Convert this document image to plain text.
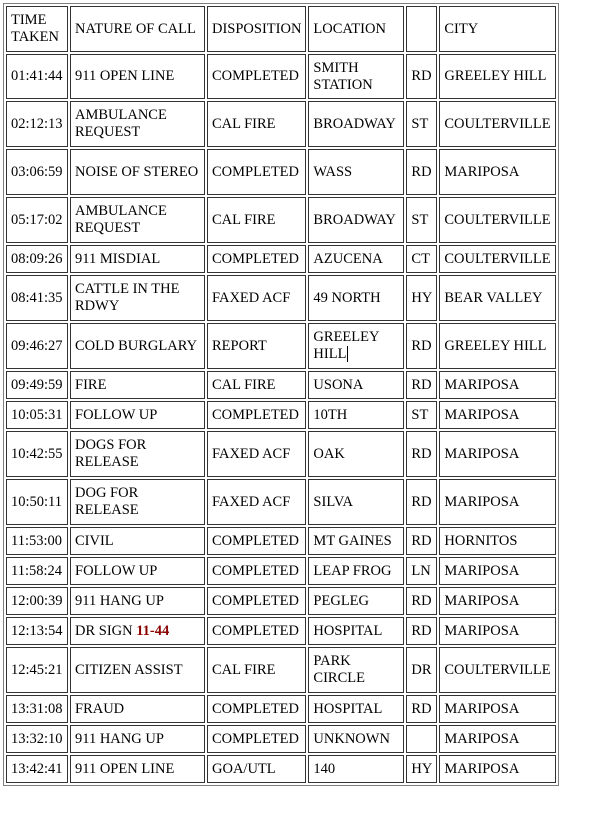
TIME TAKEN	NATURE OF CALL	DISPOSITION	LOCATION		CITY
01:41:44	911 OPEN LINE	COMPLETED	SMITH STATION	RD	GREELEY HILL
02:12:13	AMBULANCE REQUEST	CAL FIRE	BROADWAY	ST	COULTERVILLE
03:06:59	NOISE OF STEREO	COMPLETED	WASS	RD	MARIPOSA
05:17:02	AMBULANCE REQUEST	CAL FIRE	BROADWAY	ST	COULTERVILLE
08:09:26	911 MISDIAL	COMPLETED	AZUCENA	CT	COULTERVILLE
08:41:35	CATTLE IN THE RDWY	FAXED ACF	49 NORTH	HY	BEAR VALLEY
09:46:27	COLD BURGLARY	REPORT	GREELEY HILL	RD	GREELEY HILL
09:49:59	FIRE	CAL FIRE	USONA	RD	MARIPOSA
10:05:31	FOLLOW UP	COMPLETED	10TH	ST	MARIPOSA
10:42:55	DOGS FOR RELEASE	FAXED ACF	OAK	RD	MARIPOSA
10:50:11	DOG FOR RELEASE	FAXED ACF	SILVA	RD	MARIPOSA
11:53:00	CIVIL	COMPLETED	MT GAINES	RD	HORNITOS
11:58:24	FOLLOW UP	COMPLETED	LEAP FROG	LN	MARIPOSA
12:00:39	911 HANG UP	COMPLETED	PEGLEG	RD	MARIPOSA
12:13:54	DR SIGN 11-44	COMPLETED	HOSPITAL	RD	MARIPOSA
12:45:21	CITIZEN ASSIST	CAL FIRE	PARK CIRCLE	DR	COULTERVILLE
13:31:08	FRAUD	COMPLETED	HOSPITAL	RD	MARIPOSA
13:32:10	911 HANG UP	COMPLETED	UNKNOWN		MARIPOSA
13:42:41	911 OPEN LINE	GOA/UTL	140	HY	MARIPOSA
